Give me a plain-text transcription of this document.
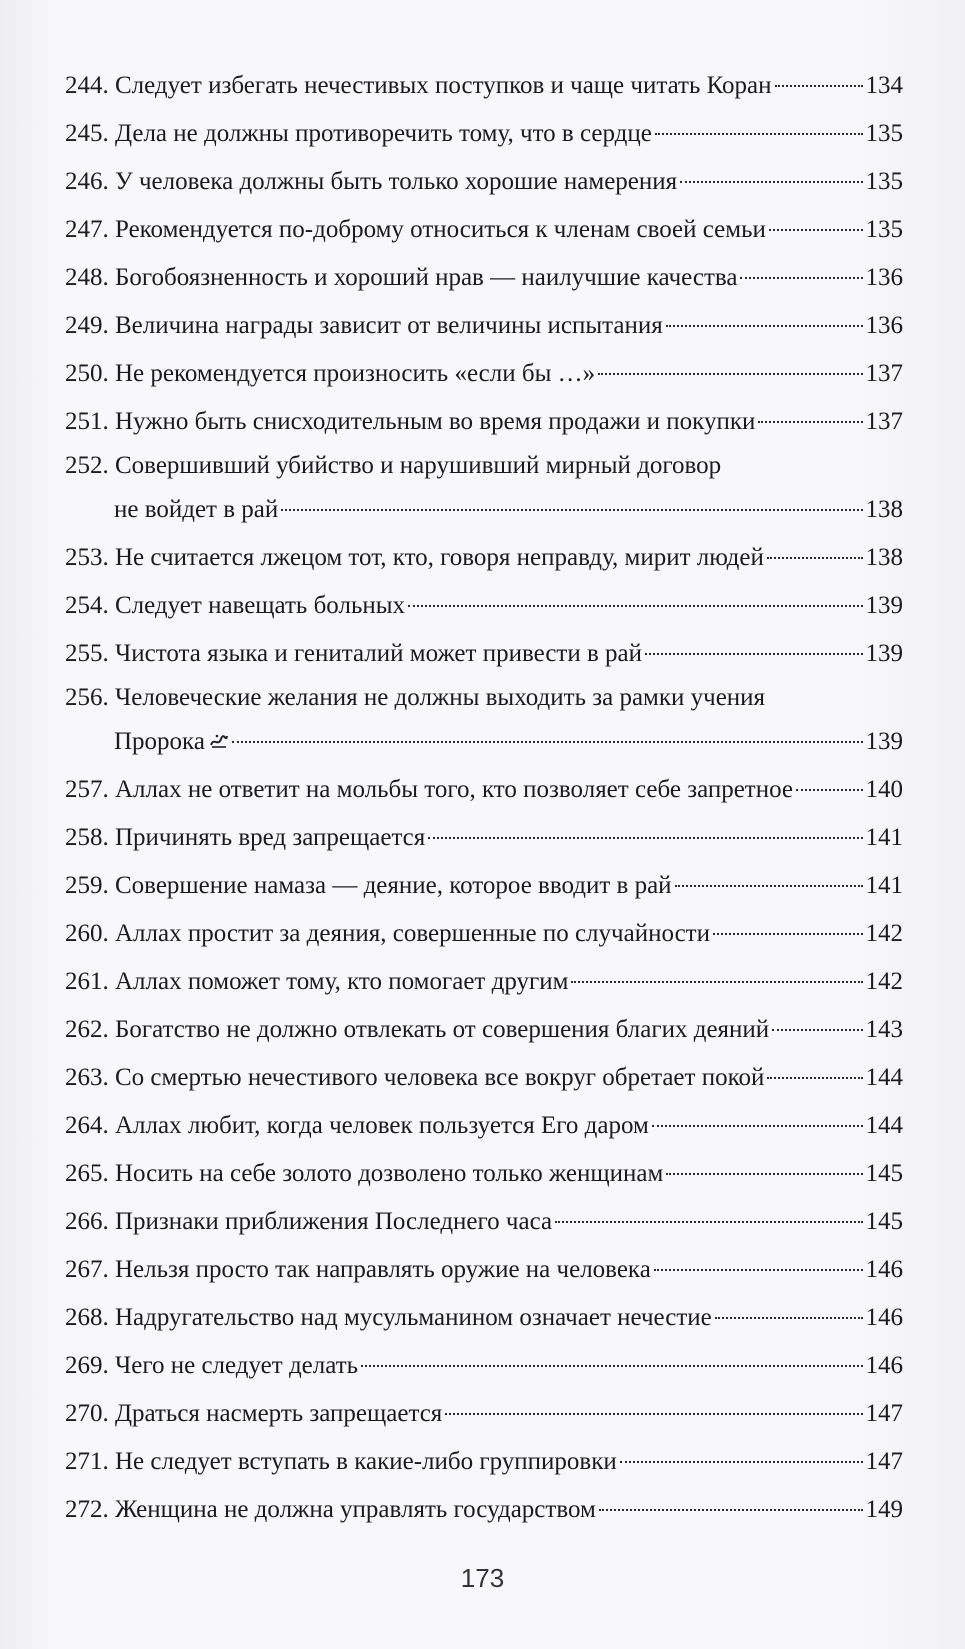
244. Следует избегать нечестивых поступков и чаще читать Коран	134
245. Дела не должны противоречить тому, что в сердце	135
246. У человека должны быть только хорошие намерения	135
247. Рекомендуется по-доброму относиться к членам своей семьи	135
248. Богобоязненность и хороший нрав — наилучшие качества	136
249. Величина награды зависит от величины испытания	136
250. Не рекомендуется произносить «если бы …»	137
251. Нужно быть снисходительным во время продажи и покупки	137
252. Совершивший убийство и нарушивший мирный договор
не войдет в рай	138
253. Не считается лжецом тот, кто, говоря неправду, мирит людей	138
254. Следует навещать больных	139
255. Чистота языка и гениталий может привести в рай	139
256. Человеческие желания не должны выходить за рамки учения
Пророка	139
257. Аллах не ответит на мольбы того, кто позволяет себе запретное	140
258. Причинять вред запрещается	141
259. Совершение намаза — деяние, которое вводит в рай	141
260. Аллах простит за деяния, совершенные по случайности	142
261. Аллах поможет тому, кто помогает другим	142
262. Богатство не должно отвлекать от совершения благих деяний	143
263. Со смертью нечестивого человека все вокруг обретает покой	144
264. Аллах любит, когда человек пользуется Его даром	144
265. Носить на себе золото дозволено только женщинам	145
266. Признаки приближения Последнего часа	145
267. Нельзя просто так направлять оружие на человека	146
268. Надругательство над мусульманином означает нечестие	146
269. Чего не следует делать	146
270. Драться насмерть запрещается	147
271. Не следует вступать в какие-либо группировки	147
272. Женщина не должна управлять государством	149
173
